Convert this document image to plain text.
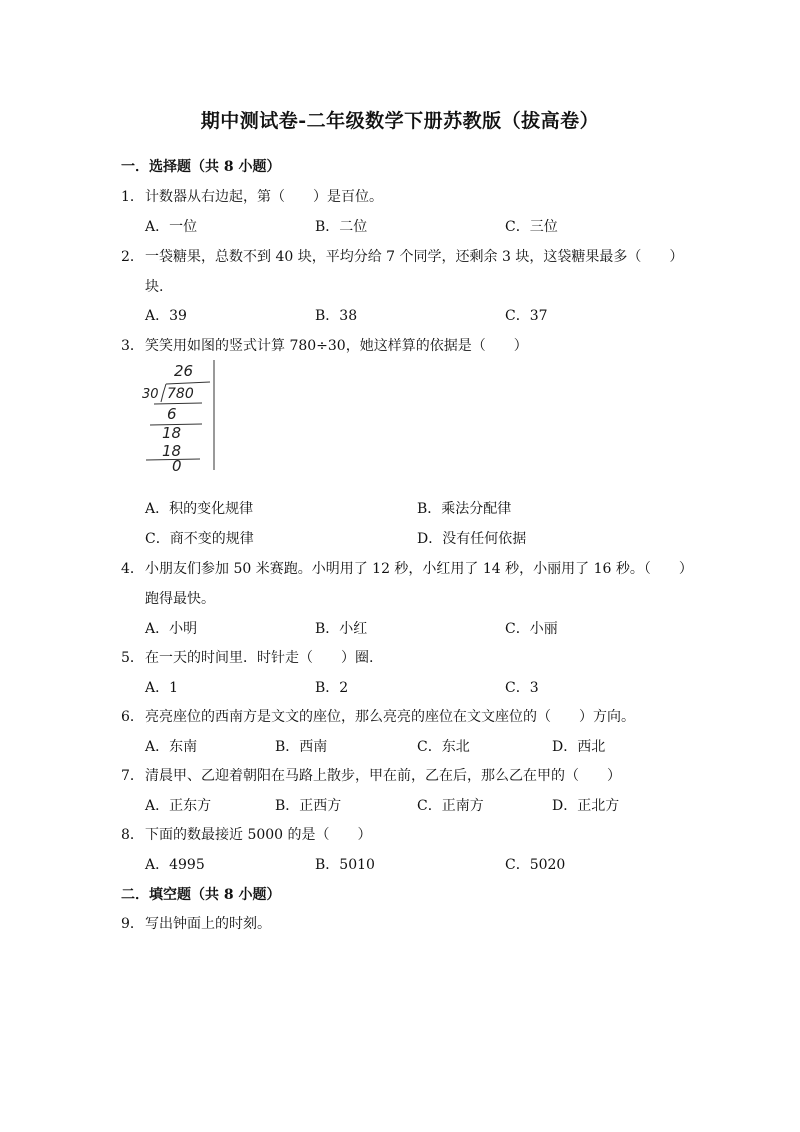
期中测试卷-二年级数学下册苏教版（拔高卷）
一．选择题（共 8 小题）
1．计数器从右边起，第（　　）是百位。
A．一位	B．二位	C．三位
2．一袋糖果，总数不到 40 块，平均分给 7 个同学，还剩余 3 块，这袋糖果最多（　　）
块.
A．39	B．38	C．37
3．笑笑用如图的竖式计算 780÷30，她这样算的依据是（　　）
26
30 780
6
18
18
0
A．积的变化规律	B．乘法分配律
C．商不变的规律	D．没有任何依据
4．小朋友们参加 50 米赛跑。小明用了 12 秒，小红用了 14 秒，小丽用了 16 秒。（　　）
跑得最快。
A．小明	B．小红	C．小丽
5．在一天的时间里．时针走（　　）圈.
A．1	B．2	C．3
6．亮亮座位的西南方是文文的座位，那么亮亮的座位在文文座位的（　　）方向。
A．东南	B．西南	C．东北	D．西北
7．清晨甲、乙迎着朝阳在马路上散步，甲在前，乙在后，那么乙在甲的（　　）
A．正东方	B．正西方	C．正南方	D．正北方
8．下面的数最接近 5000 的是（　　）
A．4995	B．5010	C．5020
二．填空题（共 8 小题）
9．写出钟面上的时刻。
